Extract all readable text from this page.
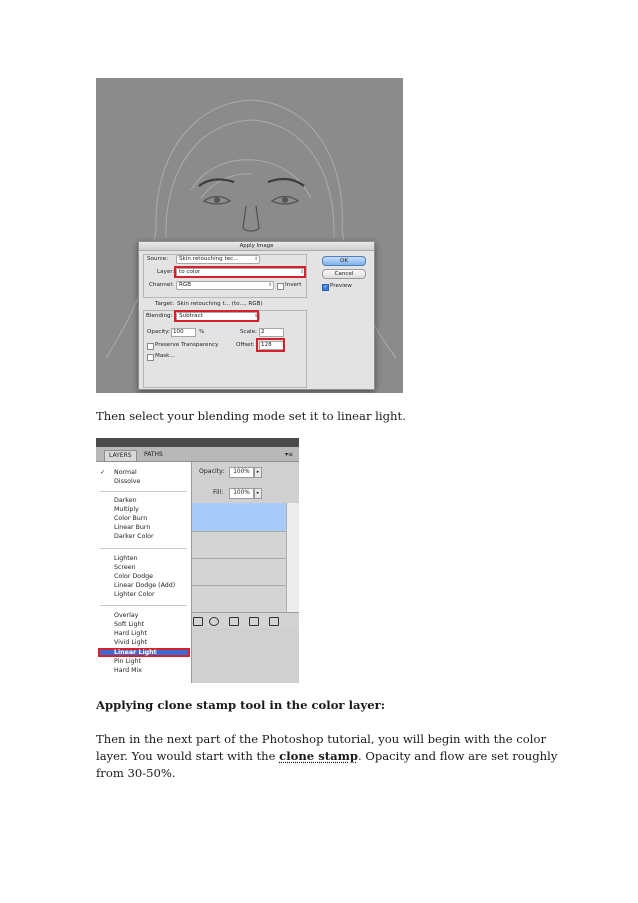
Apply Image
Source:	Skin retouching tec...	⇕
Layer: to color	⇕
Channel: RGB	⇕ Invert
Target: Skin retouching t... (to..., RGB)
Blending:	Subtract	⇕
Opacity: 100	%	Scale: 2
Preserve Transparency	Offset:	128
Mask...
OK
Cancel
✓ Preview
Then select your blending mode set it to linear light.
LAYERS	PATHS	▾≡
Opacity:	100%	▸
Fill:	100%	▸
✓ Normal
Dissolve
Darken
Multiply
Color Burn
Linear Burn
Darker Color
Lighten
Screen
Color Dodge
Linear Dodge (Add)
Lighter Color
Overlay
Soft Light
Hard Light
Vivid Light
Linear Light
Pin Light
Hard Mix
Applying clone stamp tool in the color layer:
Then in the next part of the Photoshop tutorial, you will begin with the color
layer. You would start with the clone stamp. Opacity and flow are set roughly
from 30-50%.
